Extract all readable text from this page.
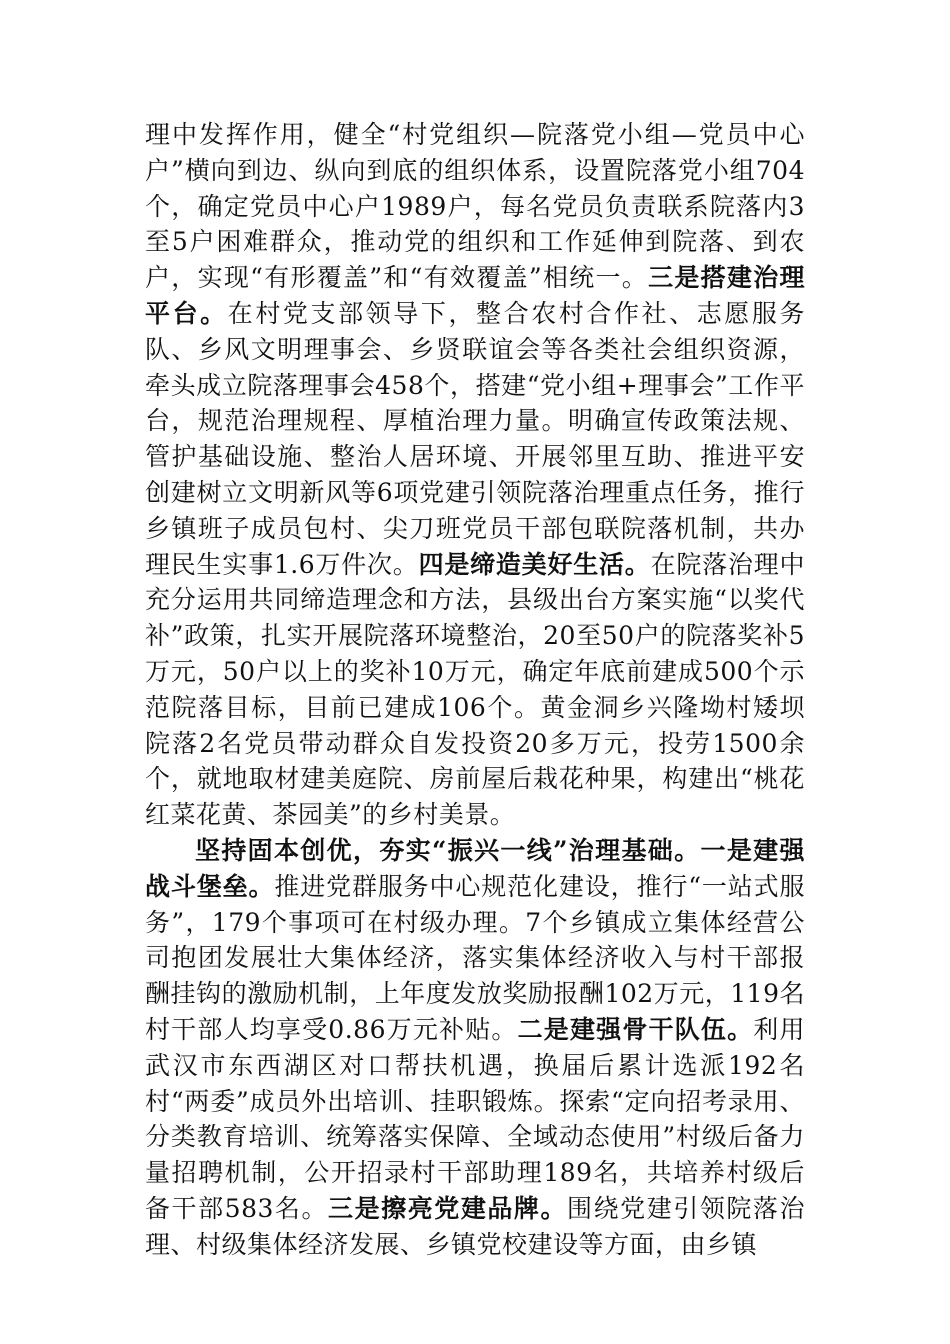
理中发挥作用，健全“村党组织—院落党小组—党员中心户”横向到边、纵向到底的组织体系，设置院落党小组704个，确定党员中心户1989户，每名党员负责联系院落内3至5户困难群众，推动党的组织和工作延伸到院落、到农户，实现“有形覆盖”和“有效覆盖”相统一。三是搭建治理平台。在村党支部领导下，整合农村合作社、志愿服务队、乡风文明理事会、乡贤联谊会等各类社会组织资源，牵头成立院落理事会458个，搭建“党小组+理事会”工作平台，规范治理规程、厚植治理力量。明确宣传政策法规、管护基础设施、整治人居环境、开展邻里互助、推进平安创建树立文明新风等6项党建引领院落治理重点任务，推行乡镇班子成员包村、尖刀班党员干部包联院落机制，共办理民生实事1.6万件次。四是缔造美好生活。在院落治理中充分运用共同缔造理念和方法，县级出台方案实施“以奖代补”政策，扎实开展院落环境整治，20至50户的院落奖补5万元，50户以上的奖补10万元，确定年底前建成500个示范院落目标，目前已建成106个。黄金洞乡兴隆坳村矮坝院落2名党员带动群众自发投资20多万元，投劳1500余个，就地取材建美庭院、房前屋后栽花种果，构建出“桃花红菜花黄、茶园美”的乡村美景。

坚持固本创优，夯实“振兴一线”治理基础。一是建强战斗堡垒。推进党群服务中心规范化建设，推行“一站式服务”，179个事项可在村级办理。7个乡镇成立集体经营公司抱团发展壮大集体经济，落实集体经济收入与村干部报酬挂钩的激励机制，上年度发放奖励报酬102万元，119名村干部人均享受0.86万元补贴。二是建强骨干队伍。利用武汉市东西湖区对口帮扶机遇，换届后累计选派192名村“两委”成员外出培训、挂职锻炼。探索“定向招考录用、分类教育培训、统筹落实保障、全域动态使用”村级后备力量招聘机制，公开招录村干部助理189名，共培养村级后备干部583名。三是擦亮党建品牌。围绕党建引领院落治理、村级集体经济发展、乡镇党校建设等方面，由乡镇
